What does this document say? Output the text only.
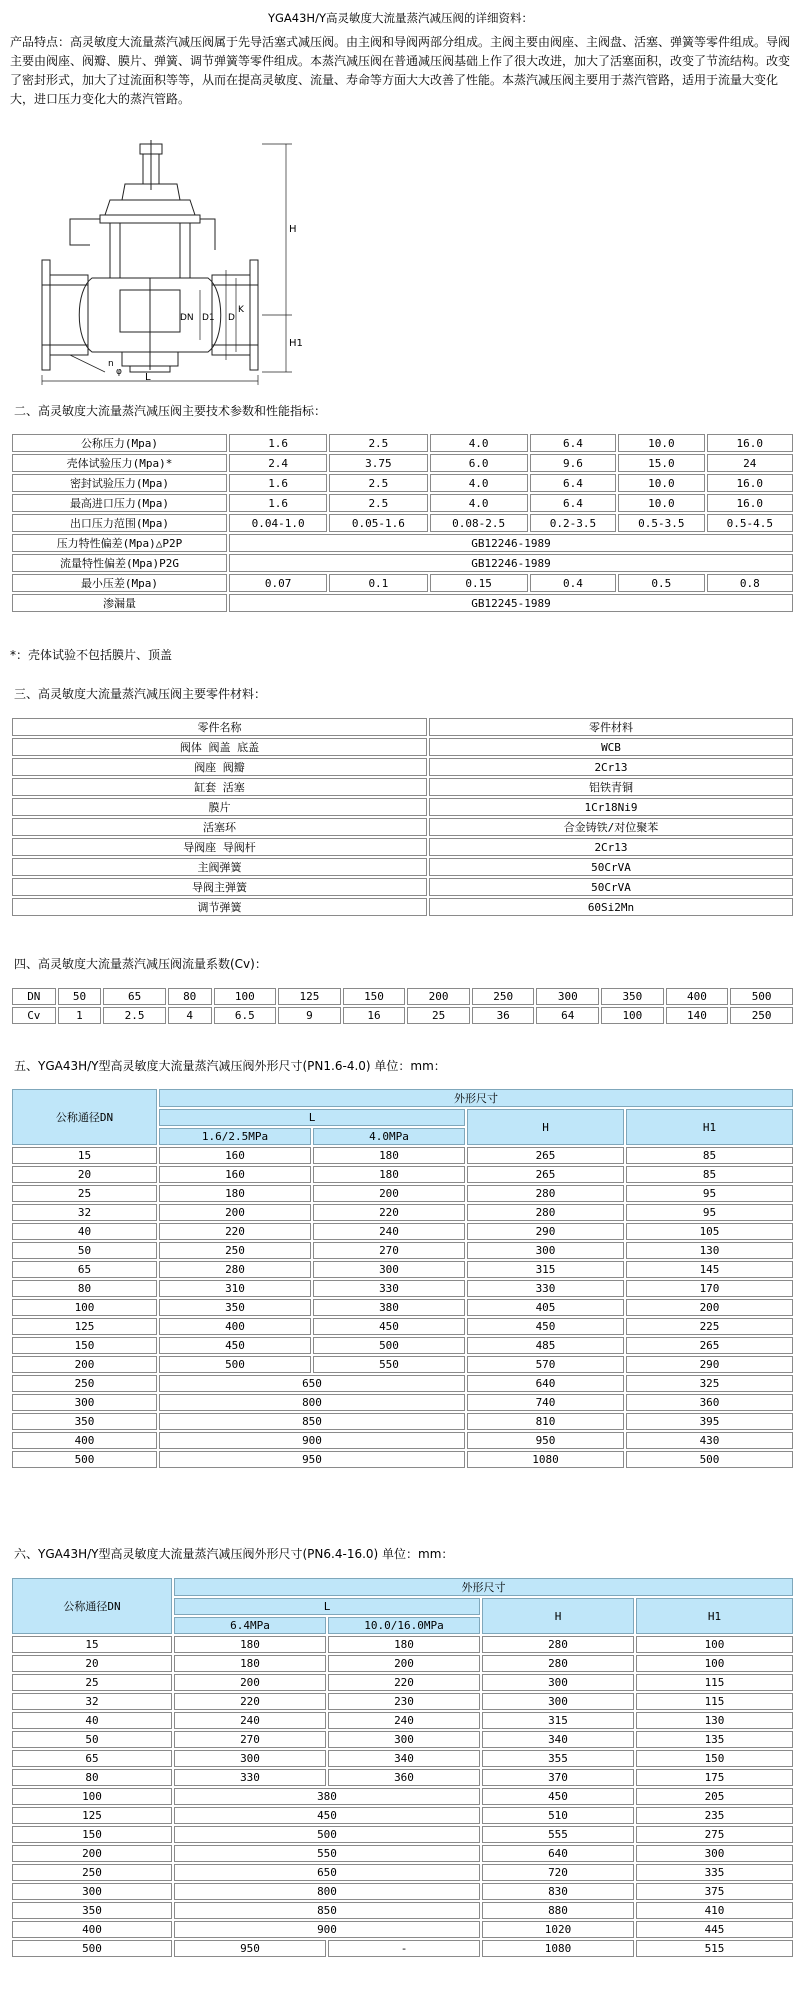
YGA43H/Y高灵敏度大流量蒸汽减压阀的详细资料：
产品特点：高灵敏度大流量蒸汽减压阀属于先导活塞式减压阀。由主阀和导阀两部分组成。主阀主要由阀座、主阀盘、活塞、弹簧等零件组成。导阀主要由阀座、阀瓣、膜片、弹簧、调节弹簧等零件组成。本蒸汽减压阀在普通减压阀基础上作了很大改进，加大了活塞面积，改变了节流结构。改变了密封形式，加大了过流面积等等，从而在提高灵敏度、流量、寿命等方面大大改善了性能。本蒸汽减压阀主要用于蒸汽管路，适用于流量大变化大，进口压力变化大的蒸汽管路。
H
H1
L
D
K
D1
DN
n
φ
二、高灵敏度大流量蒸汽减压阀主要技术参数和性能指标：
公称压力(Mpa)	1.6	2.5	4.0	6.4	10.0	16.0
壳体试验压力(Mpa)*	2.4	3.75	6.0	9.6	15.0	24
密封试验压力(Mpa)	1.6	2.5	4.0	6.4	10.0	16.0
最高进口压力(Mpa)	1.6	2.5	4.0	6.4	10.0	16.0
出口压力范围(Mpa)	0.04-1.0	0.05-1.6	0.08-2.5	0.2-3.5	0.5-3.5	0.5-4.5
压力特性偏差(Mpa)△P2P	GB12246-1989					
流量特性偏差(Mpa)P2G	GB12246-1989					
最小压差(Mpa)	0.07	0.1	0.15	0.4	0.5	0.8
渗漏量	GB12245-1989					
*：壳体试验不包括膜片、顶盖
三、高灵敏度大流量蒸汽减压阀主要零件材料：
零件名称	零件材料
阀体 阀盖 底盖	WCB
阀座 阀瓣	2Cr13
缸套 活塞	铝铁青铜
膜片	1Cr18Ni9
活塞环	合金铸铁/对位聚苯
导阀座 导阀杆	2Cr13
主阀弹簧	50CrVA
导阀主弹簧	50CrVA
调节弹簧	60Si2Mn
四、高灵敏度大流量蒸汽减压阀流量系数(Cv)：
DN	50	65	80	100	125	150	200	250	300	350	400	500
Cv	1	2.5	4	6.5	9	16	25	36	64	100	140	250
五、YGA43H/Y型高灵敏度大流量蒸汽减压阀外形尺寸(PN1.6-4.0) 单位：mm：
公称通径DN	外形尺寸			
	L		H	H1
	1.6/2.5MPa	4.0MPa		
15	160	180	265	85
20	160	180	265	85
25	180	200	280	95
32	200	220	280	95
40	220	240	290	105
50	250	270	300	130
65	280	300	315	145
80	310	330	330	170
100	350	380	405	200
125	400	450	450	225
150	450	500	485	265
200	500	550	570	290
250	650		640	325
300	800		740	360
350	850		810	395
400	900		950	430
500	950		1080	500
六、YGA43H/Y型高灵敏度大流量蒸汽减压阀外形尺寸(PN6.4-16.0) 单位：mm：
公称通径DN	外形尺寸			
	L		H	H1
	6.4MPa	10.0/16.0MPa		
15	180	180	280	100
20	180	200	280	100
25	200	220	300	115
32	220	230	300	115
40	240	240	315	130
50	270	300	340	135
65	300	340	355	150
80	330	360	370	175
100	380		450	205
125	450		510	235
150	500		555	275
200	550		640	300
250	650		720	335
300	800		830	375
350	850		880	410
400	900		1020	445
500	950	-	1080	515
